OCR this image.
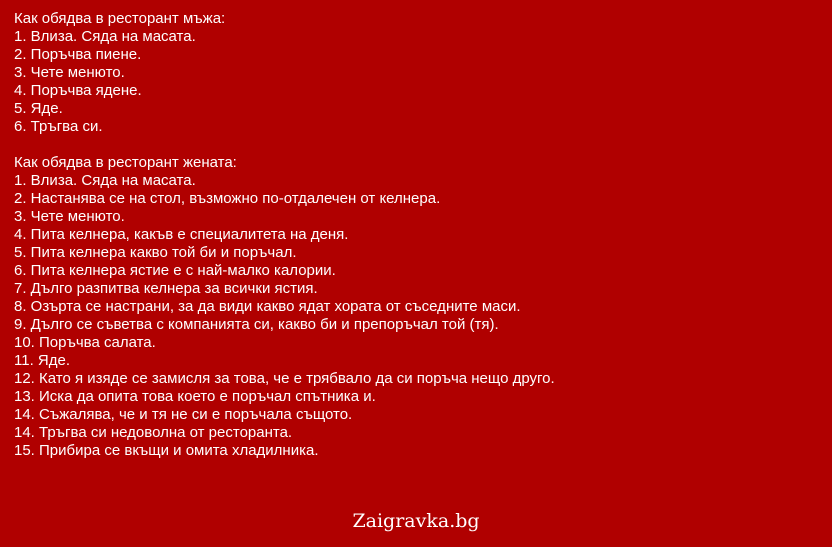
Как обядва в ресторант мъжа:
1. Влиза. Сяда на масата.
2. Поръчва пиене.
3. Чете менюто.
4. Поръчва ядене.
5. Яде.
6. Тръгва си.
Как обядва в ресторант жената:
1. Влиза. Сяда на масата.
2. Настанява се на стол, възможно по-отдалечен от келнера.
3. Чете менюто.
4. Пита келнера, какъв е специалитета на деня.
5. Пита келнера какво той би и поръчал.
6. Пита келнера ястие е с най-малко калории.
7. Дълго разпитва келнера за всички ястия.
8. Озърта се настрани, за да види какво ядат хората от съседните маси.
9. Дълго се съветва с компанията си, какво би и препоръчал той (тя).
10. Поръчва салата.
11. Яде.
12. Като я изяде се замисля за това, че е трябвало да си поръча нещо друго.
13. Иска да опита това което е поръчал спътника и.
14. Съжалява, че и тя не си е поръчала същото.
14. Тръгва си недоволна от ресторанта.
15. Прибира се вкъщи и омита хладилника.
Zaigravka.bg
